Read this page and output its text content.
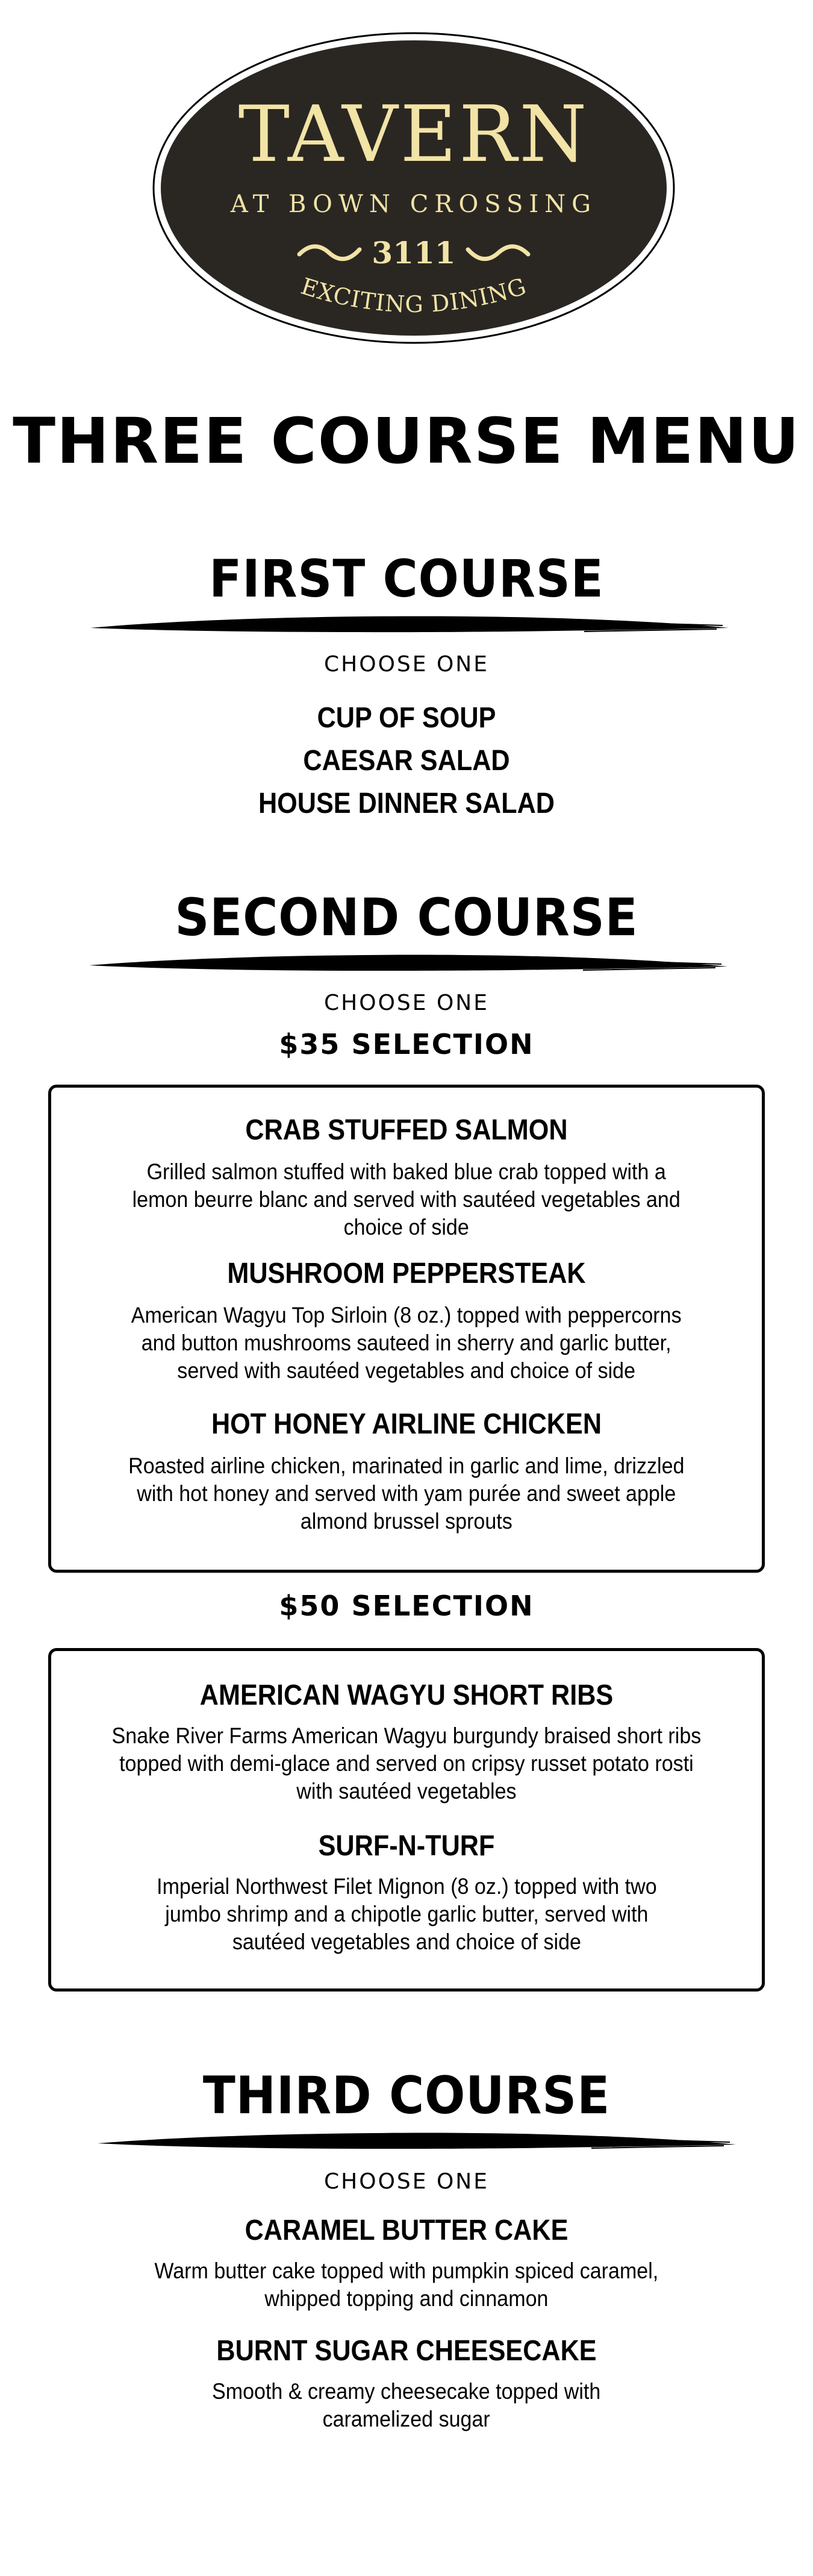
TAVERN
AT BOWN CROSSING
3111
EXCITING DINING
THREE COURSE MENU
FIRST COURSE
CHOOSE ONE
CUP OF SOUP
CAESAR SALAD
HOUSE DINNER SALAD
SECOND COURSE
CHOOSE ONE
$35 SELECTION
CRAB STUFFED SALMON
Grilled salmon stuffed with baked blue crab topped with a
lemon beurre blanc and served with sautéed vegetables and
choice of side
MUSHROOM PEPPERSTEAK
American Wagyu Top Sirloin (8 oz.) topped with peppercorns
and button mushrooms sauteed in sherry and garlic butter,
served with sautéed vegetables and choice of side
HOT HONEY AIRLINE CHICKEN
Roasted airline chicken, marinated in garlic and lime, drizzled
with hot honey and served with yam purée and sweet apple
almond brussel sprouts
$50 SELECTION
AMERICAN WAGYU SHORT RIBS
Snake River Farms American Wagyu burgundy braised short ribs
topped with demi-glace and served on cripsy russet potato rosti
with sautéed vegetables
SURF-N-TURF
Imperial Northwest Filet Mignon (8 oz.) topped with two
jumbo shrimp and a chipotle garlic butter, served with
sautéed vegetables and choice of side
THIRD COURSE
CHOOSE ONE
CARAMEL BUTTER CAKE
Warm butter cake topped with pumpkin spiced caramel,
whipped topping and cinnamon
BURNT SUGAR CHEESECAKE
Smooth & creamy cheesecake topped with
caramelized sugar
